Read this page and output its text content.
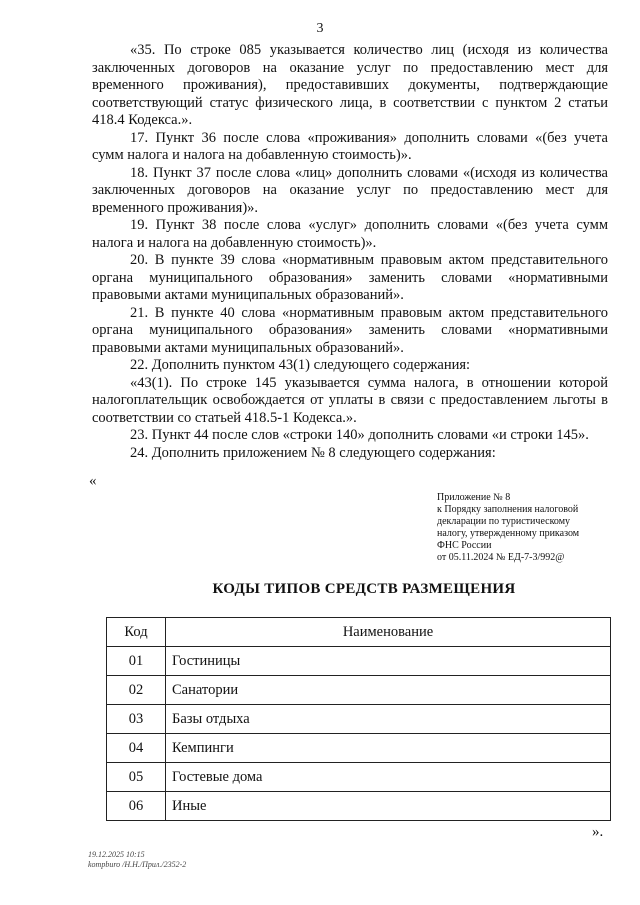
3

«35. По строке 085 указывается количество лиц (исходя из количества заключенных договоров на оказание услуг по предоставлению мест для временного проживания), предоставивших документы, подтверждающие соответствующий статус физического лица, в соответствии с пунктом 2 статьи 418.4 Кодекса.».

17. Пункт 36 после слова «проживания» дополнить словами «(без учета сумм налога и налога на добавленную стоимость)».

18. Пункт 37 после слова «лиц» дополнить словами «(исходя из количества заключенных договоров на оказание услуг по предоставлению мест для временного проживания)».

19. Пункт 38 после слова «услуг» дополнить словами «(без учета сумм налога и налога на добавленную стоимость)».

20. В пункте 39 слова «нормативным правовым актом представительного органа муниципального образования» заменить словами «нормативными правовыми актами муниципальных образований».

21. В пункте 40 слова «нормативным правовым актом представительного органа муниципального образования» заменить словами «нормативными правовыми актами муниципальных образований».

22. Дополнить пунктом 43(1) следующего содержания:

«43(1). По строке 145 указывается сумма налога, в отношении которой налогоплательщик освобождается от уплаты в связи с предоставлением льготы в соответствии со статьей 418.5-1 Кодекса.».

23. Пункт 44 после слов «строки 140» дополнить словами «и строки 145».

24. Дополнить приложением № 8 следующего содержания:

«
Приложение № 8
к Порядку заполнения налоговой
декларации по туристическому
налогу, утвержденному приказом
ФНС России
от 05.11.2024 № ЕД-7-3/992@
КОДЫ ТИПОВ СРЕДСТВ РАЗМЕЩЕНИЯ
Код	Наименование
01	Гостиницы
02	Санатории
03	Базы отдыха
04	Кемпинги
05	Гостевые дома
06	Иные
».
19.12.2025 10:15
kompburo /Н.Н./Прил./2352-2
